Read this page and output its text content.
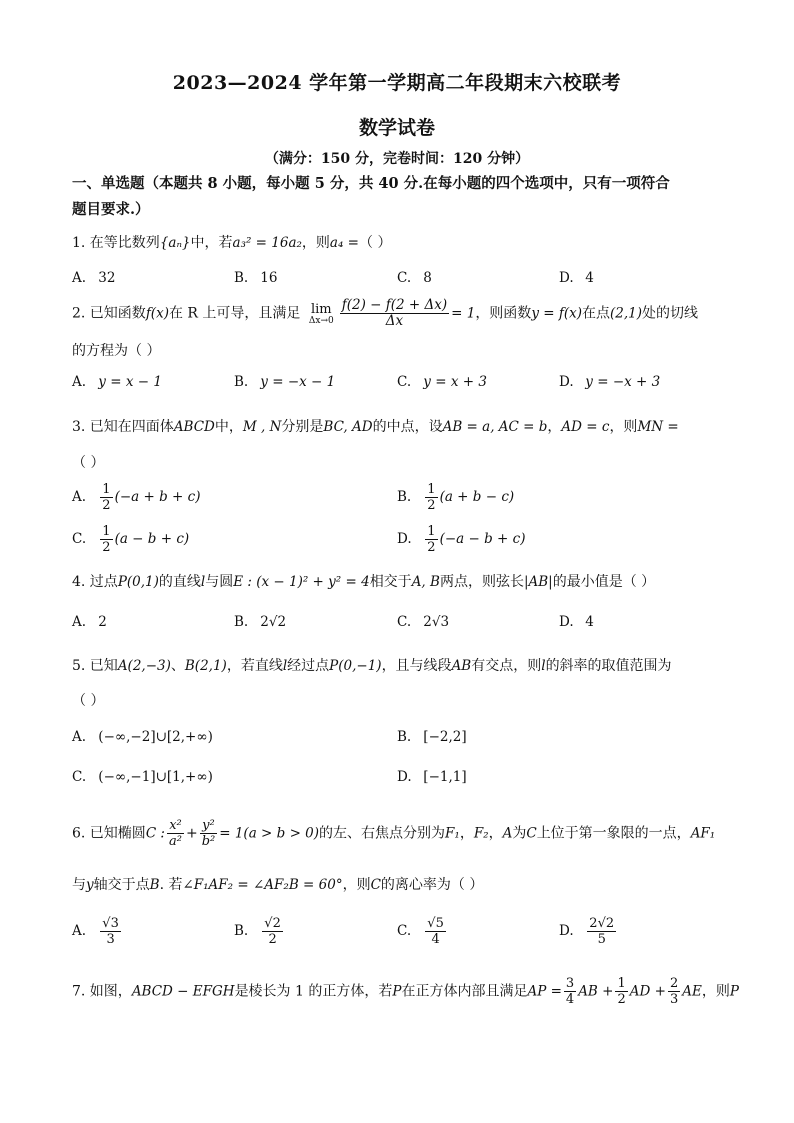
2023—2024 学年第一学期高二年段期末六校联考
数学试卷
（满分：150 分，完卷时间：120 分钟）
一、单选题（本题共 8 小题，每小题 5 分，共 40 分.在每小题的四个选项中，只有一项符合
题目要求.）
1. 在等比数列{aₙ}中，若a₃² = 16a₂，则a₄ =（ ）
A. 32	B. 16	C. 8	D. 4
2. 已知函数f(x)在 R 上可导，且满足 lim
$\Delta x\to 0 \frac{f(2) - f(2 + \Delta x)}{\Delta x} = 1$，则函数y = f(x)在点(2,1)处的切线
的方程为（ ）
A. y = x − 1	B. y = −x − 1	C. y = x + 3	D. y = −x + 3
3. 已知在四面体ABCD中，M , N分别是BC, AD的中点，设AB = a, AC = b，AD = c，则MN =
（ ）
A. $\frac{1}{2} (-a + b + c)$	B. $\frac{1}{2} (a + b - c)$
C. $\frac{1}{2} (a - b + c)$	D. $\frac{1}{2} (-a - b + c)$
4. 过点P(0,1)的直线l与圆E : (x − 1)² + y² = 4相交于A, B两点，则弦长|AB|的最小值是（ ）
A. 2	B. 2√2	C. 2√3	D. 4
5. 已知A(2,−3)、B(2,1)，若直线l经过点P(0,−1)，且与线段AB有交点，则l的斜率的取值范围为
（ ）
A. (−∞,−2]∪[2,+∞)	B. [−2,2]
C. (−∞,−1]∪[1,+∞)	D. [−1,1]
6. 已知椭圆C : $\frac{\text{x²}}{\text{a²}} + \frac{\text{y²}}{\text{b²}} = 1(a > b > 0)$的左、右焦点分别为F₁，F₂，A为C上位于第一象限的一点，AF₁
与y轴交于点B. 若∠F₁AF₂ = ∠AF₂B = 60°，则C的离心率为（ ）
A. $\frac{√3}{3}$	B. $\frac{√2}{2}$	C. $\frac{√5}{4}$	D. $\frac{2√2}{5}$
7. 如图，ABCD − EFGH是棱长为 1 的正方体，若P在正方体内部且满足AP = $\frac{3}{4}$ AB + $\frac{1}{2}$ AD + $\frac{2}{3}$ AE，则P
